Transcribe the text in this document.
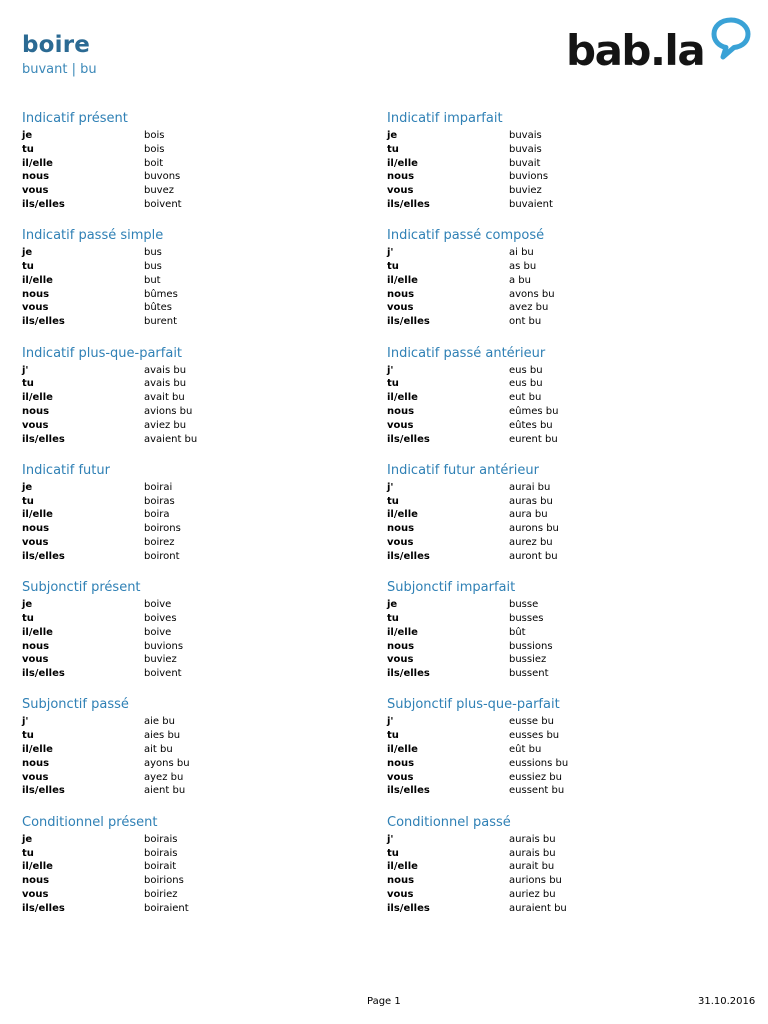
boire
buvant | bu	bab.la
Indicatif présent
je	bois
tu	bois
il/elle	boit
nous	buvons
vous	buvez
ils/elles	boivent
Indicatif passé simple
je	bus
tu	bus
il/elle	but
nous	bûmes
vous	bûtes
ils/elles	burent
Indicatif plus-que-parfait
j'	avais bu
tu	avais bu
il/elle	avait bu
nous	avions bu
vous	aviez bu
ils/elles	avaient bu
Indicatif futur
je	boirai
tu	boiras
il/elle	boira
nous	boirons
vous	boirez
ils/elles	boiront
Subjonctif présent
je	boive
tu	boives
il/elle	boive
nous	buvions
vous	buviez
ils/elles	boivent
Subjonctif passé
j'	aie bu
tu	aies bu
il/elle	ait bu
nous	ayons bu
vous	ayez bu
ils/elles	aient bu
Conditionnel présent
je	boirais
tu	boirais
il/elle	boirait
nous	boirions
vous	boiriez
ils/elles	boiraient
Indicatif imparfait
je	buvais
tu	buvais
il/elle	buvait
nous	buvions
vous	buviez
ils/elles	buvaient
Indicatif passé composé
j'	ai bu
tu	as bu
il/elle	a bu
nous	avons bu
vous	avez bu
ils/elles	ont bu
Indicatif passé antérieur
j'	eus bu
tu	eus bu
il/elle	eut bu
nous	eûmes bu
vous	eûtes bu
ils/elles	eurent bu
Indicatif futur antérieur
j'	aurai bu
tu	auras bu
il/elle	aura bu
nous	aurons bu
vous	aurez bu
ils/elles	auront bu
Subjonctif imparfait
je	busse
tu	busses
il/elle	bût
nous	bussions
vous	bussiez
ils/elles	bussent
Subjonctif plus-que-parfait
j'	eusse bu
tu	eusses bu
il/elle	eût bu
nous	eussions bu
vous	eussiez bu
ils/elles	eussent bu
Conditionnel passé
j'	aurais bu
tu	aurais bu
il/elle	aurait bu
nous	aurions bu
vous	auriez bu
ils/elles	auraient bu
Page 1	31.10.2016
